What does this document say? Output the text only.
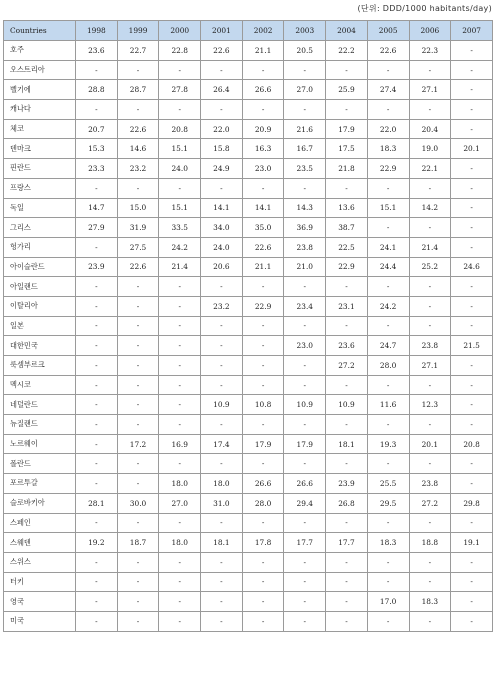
(단위: DDD/1000 habitants/day)
Countries	1998	1999	2000	2001	2002	2003	2004	2005	2006	2007
호주	23.6	22.7	22.8	22.6	21.1	20.5	22.2	22.6	22.3	-
오스트리아	-	-	-	-	-	-	-	-	-	-
벨기에	28.8	28.7	27.8	26.4	26.6	27.0	25.9	27.4	27.1	-
캐나다	-	-	-	-	-	-	-	-	-	-
체코	20.7	22.6	20.8	22.0	20.9	21.6	17.9	22.0	20.4	-
덴마크	15.3	14.6	15.1	15.8	16.3	16.7	17.5	18.3	19.0	20.1
핀란드	23.3	23.2	24.0	24.9	23.0	23.5	21.8	22.9	22.1	-
프랑스	-	-	-	-	-	-	-	-	-	-
독일	14.7	15.0	15.1	14.1	14.1	14.3	13.6	15.1	14.2	-
그리스	27.9	31.9	33.5	34.0	35.0	36.9	38.7	-	-	-
헝가리	-	27.5	24.2	24.0	22.6	23.8	22.5	24.1	21.4	-
아이슬란드	23.9	22.6	21.4	20.6	21.1	21.0	22.9	24.4	25.2	24.6
아일랜드	-	-	-	-	-	-	-	-	-	-
이탈리아	-	-	-	23.2	22.9	23.4	23.1	24.2	-	-
일본	-	-	-	-	-	-	-	-	-	-
대한민국	-	-	-	-	-	23.0	23.6	24.7	23.8	21.5
룩셈부르크	-	-	-	-	-	-	27.2	28.0	27.1	-
멕시코	-	-	-	-	-	-	-	-	-	-
네덜란드	-	-	-	10.9	10.8	10.9	10.9	11.6	12.3	-
뉴질랜드	-	-	-	-	-	-	-	-	-	-
노르웨이	-	17.2	16.9	17.4	17.9	17.9	18.1	19.3	20.1	20.8
폴란드	-	-	-	-	-	-	-	-	-	-
포르투갈	-	-	18.0	18.0	26.6	26.6	23.9	25.5	23.8	-
슬로바키아	28.1	30.0	27.0	31.0	28.0	29.4	26.8	29.5	27.2	29.8
스페인	-	-	-	-	-	-	-	-	-	-
스웨덴	19.2	18.7	18.0	18.1	17.8	17.7	17.7	18.3	18.8	19.1
스위스	-	-	-	-	-	-	-	-	-	-
터키	-	-	-	-	-	-	-	-	-	-
영국	-	-	-	-	-	-	-	17.0	18.3	-
미국	-	-	-	-	-	-	-	-	-	-
